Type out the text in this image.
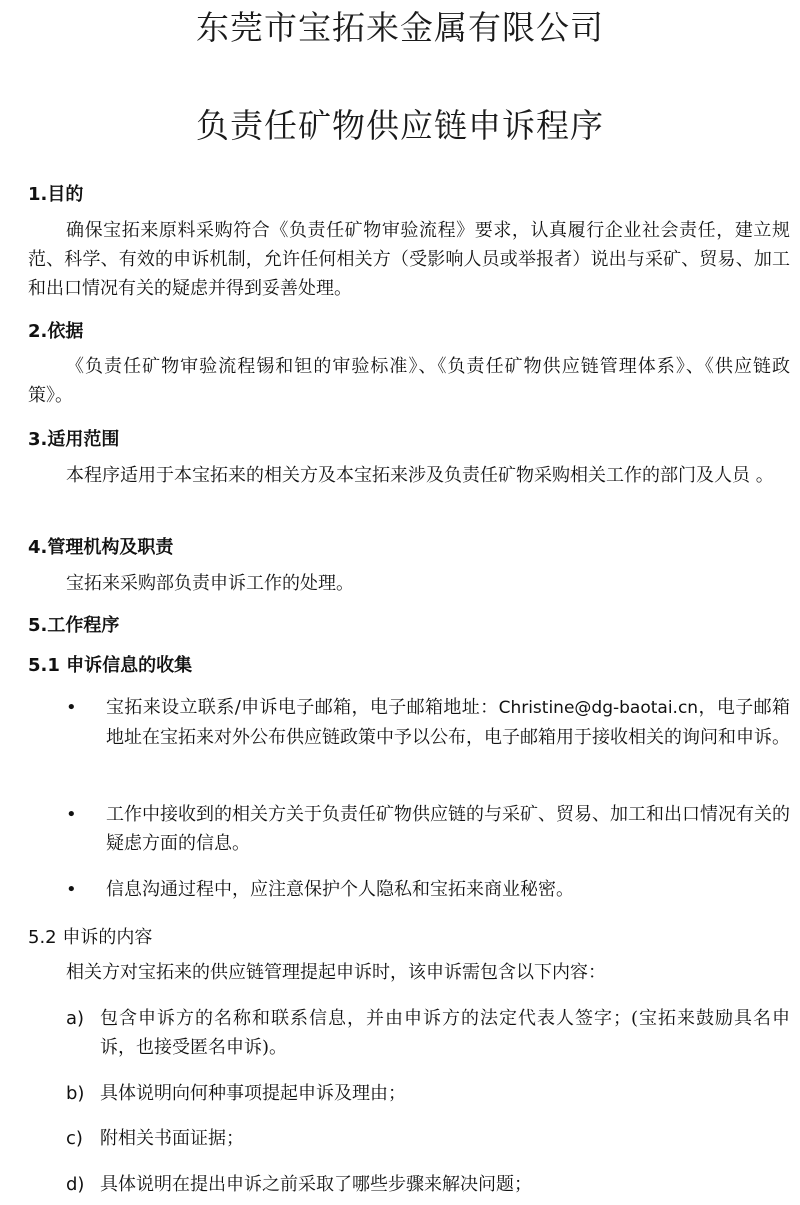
东莞市宝拓来金属有限公司
负责任矿物供应链申诉程序
1.目的

确保宝拓来原料采购符合《负责任矿物审验流程》要求，认真履行企业社会责任，建立规范、科学、有效的申诉机制，允许任何相关方（受影响人员或举报者）说出与采矿、贸易、加工和出口情况有关的疑虑并得到妥善处理。

2.依据

《负责任矿物审验流程锡和钽的审验标准》、《负责任矿物供应链管理体系》、《供应链政策》。

3.适用范围

本程序适用于本宝拓来的相关方及本宝拓来涉及负责任矿物采购相关工作的部门及人员 。

4.管理机构及职责

宝拓来采购部负责申诉工作的处理。

5.工作程序
5.1 申诉信息的收集
• 宝拓来设立联系/申诉电子邮箱，电子邮箱地址：Christine@dg-baotai.cn，电子邮箱地址在宝拓来对外公布供应链政策中予以公布，电子邮箱用于接收相关的询问和申诉。

• 工作中接收到的相关方关于负责任矿物供应链的与采矿、贸易、加工和出口情况有关的疑虑方面的信息。

• 信息沟通过程中，应注意保护个人隐私和宝拓来商业秘密。

5.2 申诉的内容

相关方对宝拓来的供应链管理提起申诉时，该申诉需包含以下内容：

a) 包含申诉方的名称和联系信息，并由申诉方的法定代表人签字；(宝拓来鼓励具名申诉，也接受匿名申诉)。

b) 具体说明向何种事项提起申诉及理由；

c) 附相关书面证据；

d) 具体说明在提出申诉之前采取了哪些步骤来解决问题；
